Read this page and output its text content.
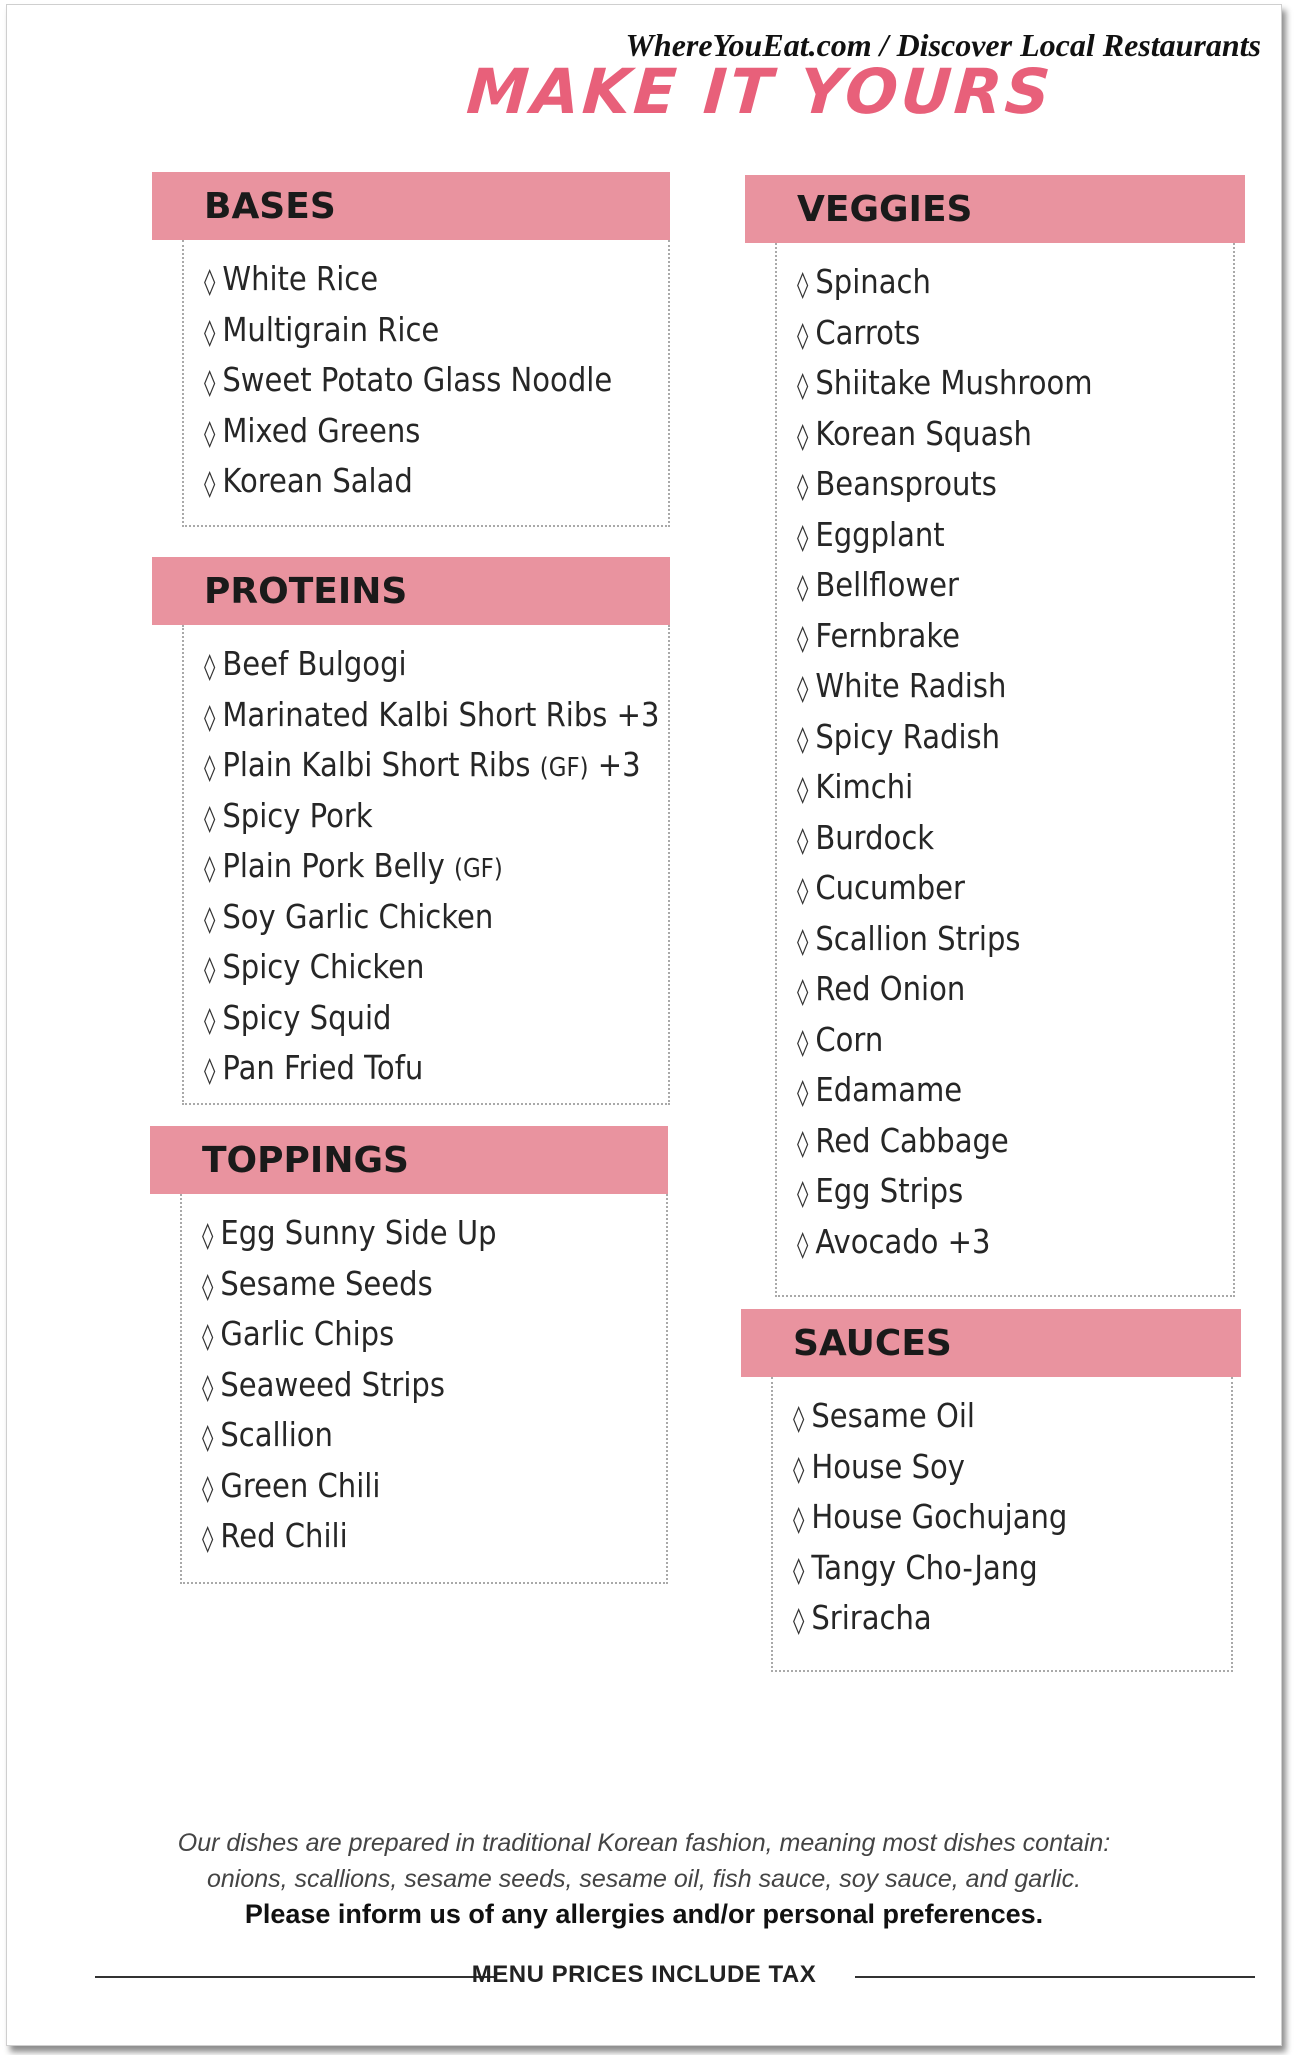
WhereYouEat.com / Discover Local Restaurants
MAKE IT YOURS
BASES
◊ White Rice
◊ Multigrain Rice
◊ Sweet Potato Glass Noodle
◊ Mixed Greens
◊ Korean Salad
PROTEINS
◊ Beef Bulgogi
◊ Marinated Kalbi Short Ribs +3
◊ Plain Kalbi Short Ribs (GF) +3
◊ Spicy Pork
◊ Plain Pork Belly (GF)
◊ Soy Garlic Chicken
◊ Spicy Chicken
◊ Spicy Squid
◊ Pan Fried Tofu
TOPPINGS
◊ Egg Sunny Side Up
◊ Sesame Seeds
◊ Garlic Chips
◊ Seaweed Strips
◊ Scallion
◊ Green Chili
◊ Red Chili
VEGGIES
◊ Spinach
◊ Carrots
◊ Shiitake Mushroom
◊ Korean Squash
◊ Beansprouts
◊ Eggplant
◊ Bellflower
◊ Fernbrake
◊ White Radish
◊ Spicy Radish
◊ Kimchi
◊ Burdock
◊ Cucumber
◊ Scallion Strips
◊ Red Onion
◊ Corn
◊ Edamame
◊ Red Cabbage
◊ Egg Strips
◊ Avocado +3
SAUCES
◊ Sesame Oil
◊ House Soy
◊ House Gochujang
◊ Tangy Cho-Jang
◊ Sriracha
Our dishes are prepared in traditional Korean fashion, meaning most dishes contain:
onions, scallions, sesame seeds, sesame oil, fish sauce, soy sauce, and garlic.
Please inform us of any allergies and/or personal preferences.
MENU PRICES INCLUDE TAX
